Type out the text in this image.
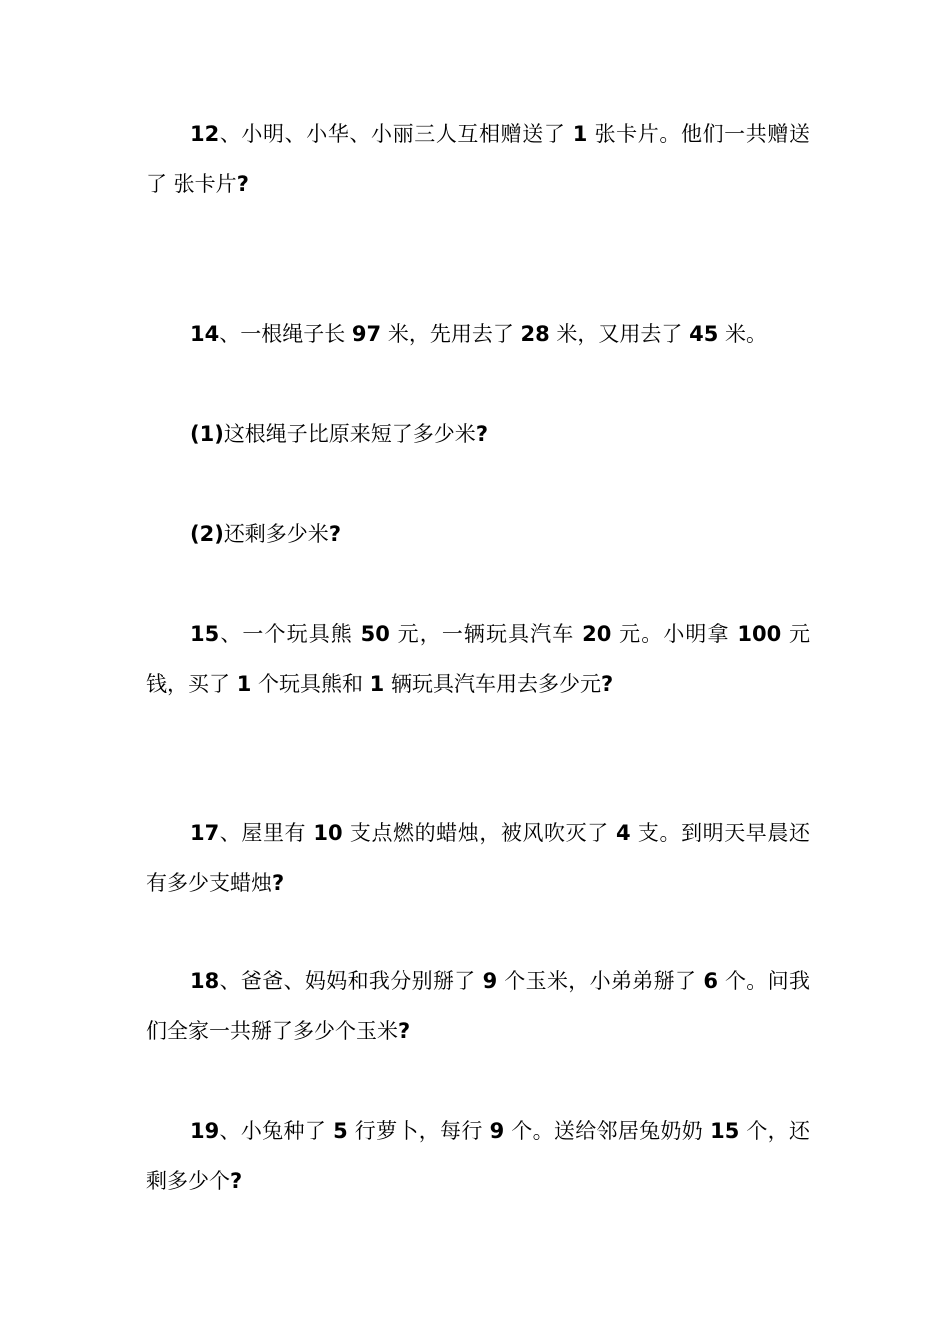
12、小明、小华、小丽三人互相赠送了 1 张卡片。他们一共赠送了 张卡片?

14、一根绳子长 97 米，先用去了 28 米，又用去了 45 米。

(1)这根绳子比原来短了多少米?

(2)还剩多少米?

15、一个玩具熊 50 元，一辆玩具汽车 20 元。小明拿 100 元钱，买了 1 个玩具熊和 1 辆玩具汽车用去多少元?

17、屋里有 10 支点燃的蜡烛，被风吹灭了 4 支。到明天早晨还有多少支蜡烛?

18、爸爸、妈妈和我分别掰了 9 个玉米，小弟弟掰了 6 个。问我们全家一共掰了多少个玉米?

19、小兔种了 5 行萝卜，每行 9 个。送给邻居兔奶奶 15 个，还剩多少个?
